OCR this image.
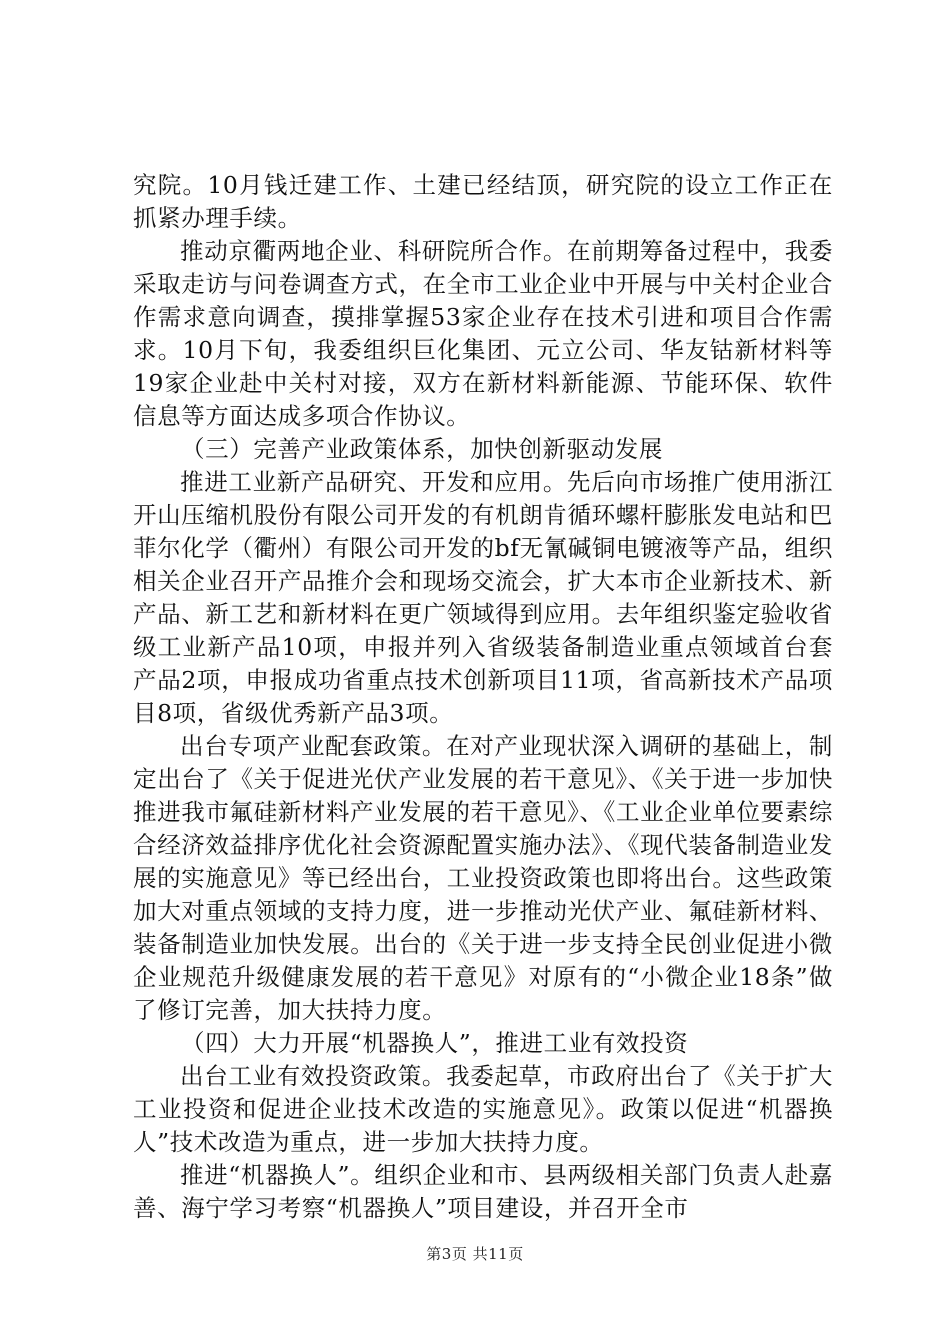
究院。10月钱迁建工作、土建已经结顶，研究院的设立工作正在抓紧办理手续。

推动京衢两地企业、科研院所合作。在前期筹备过程中，我委采取走访与问卷调查方式，在全市工业企业中开展与中关村企业合作需求意向调查，摸排掌握53家企业存在技术引进和项目合作需求。10月下旬，我委组织巨化集团、元立公司、华友钴新材料等19家企业赴中关村对接，双方在新材料新能源、节能环保、软件信息等方面达成多项合作协议。

（三）完善产业政策体系，加快创新驱动发展

推进工业新产品研究、开发和应用。先后向市场推广使用浙江开山压缩机股份有限公司开发的有机朗肯循环螺杆膨胀发电站和巴菲尔化学（衢州）有限公司开发的bf无氰碱铜电镀液等产品，组织相关企业召开产品推介会和现场交流会，扩大本市企业新技术、新产品、新工艺和新材料在更广领域得到应用。去年组织鉴定验收省级工业新产品10项，申报并列入省级装备制造业重点领域首台套产品2项，申报成功省重点技术创新项目11项，省高新技术产品项目8项，省级优秀新产品3项。

出台专项产业配套政策。在对产业现状深入调研的基础上，制定出台了《关于促进光伏产业发展的若干意见》、《关于进一步加快推进我市氟硅新材料产业发展的若干意见》、《工业企业单位要素综合经济效益排序优化社会资源配置实施办法》、《现代装备制造业发展的实施意见》等已经出台，工业投资政策也即将出台。这些政策加大对重点领域的支持力度，进一步推动光伏产业、氟硅新材料、装备制造业加快发展。出台的《关于进一步支持全民创业促进小微企业规范升级健康发展的若干意见》对原有的“小微企业18条”做了修订完善，加大扶持力度。

（四）大力开展“机器换人”，推进工业有效投资

出台工业有效投资政策。我委起草，市政府出台了《关于扩大工业投资和促进企业技术改造的实施意见》。政策以促进“机器换人”技术改造为重点，进一步加大扶持力度。

推进“机器换人”。组织企业和市、县两级相关部门负责人赴嘉善、海宁学习考察“机器换人”项目建设，并召开全市

第3页 共11页
